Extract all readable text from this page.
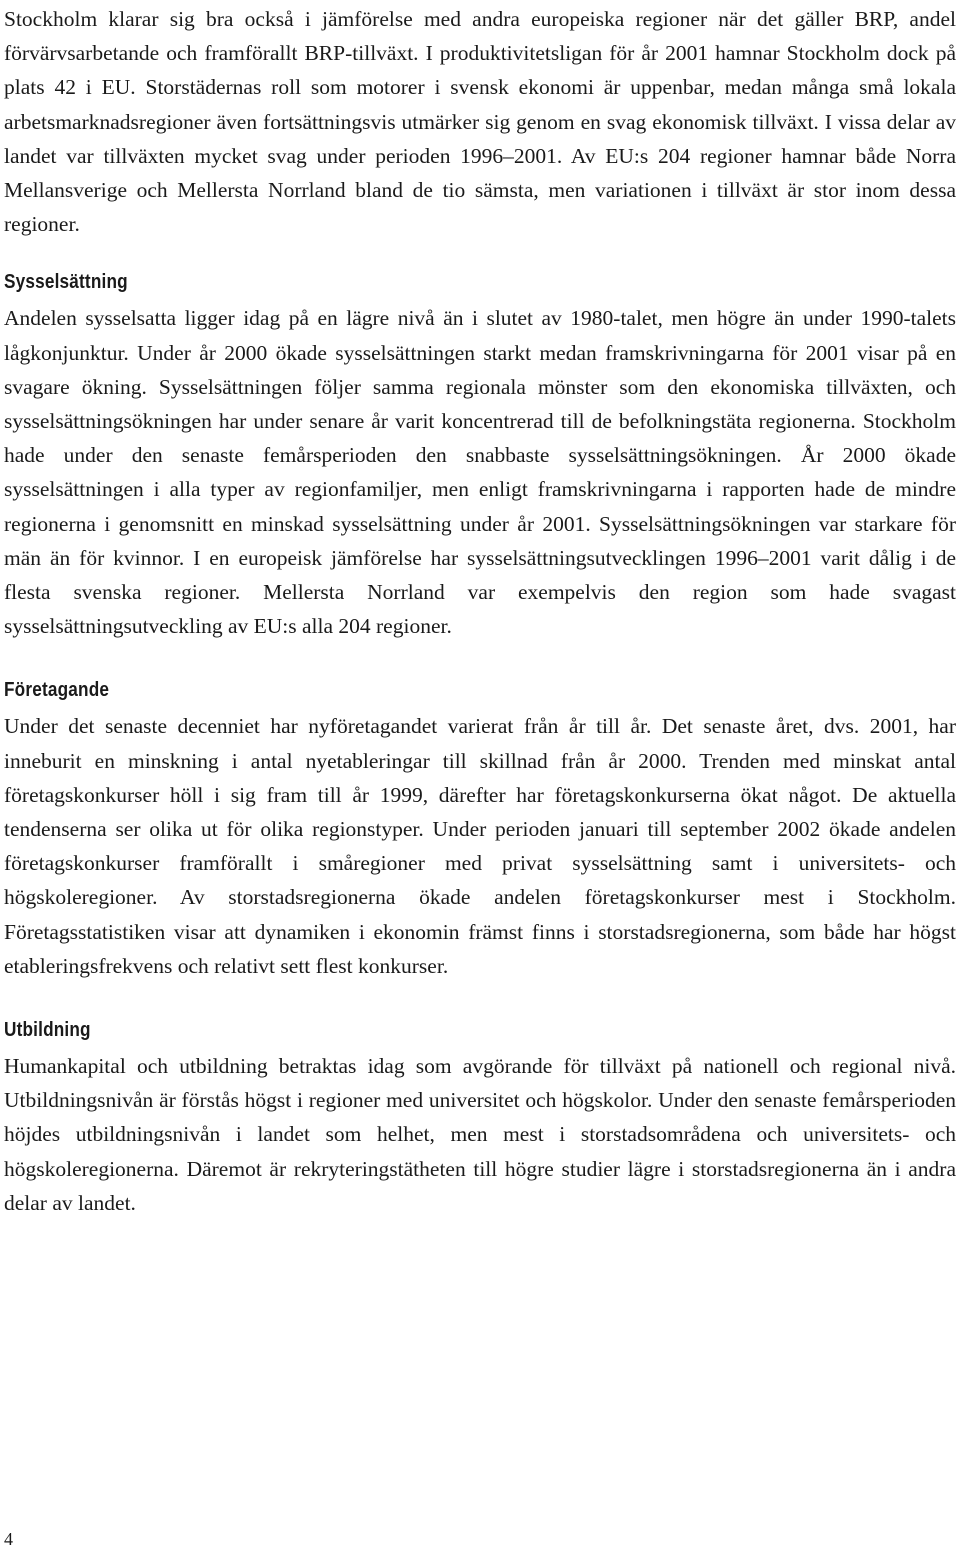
Stockholm klarar sig bra också i jämförelse med andra europeiska regioner när det gäller BRP, andel förvärvsarbetande och framförallt BRP-tillväxt. I produktivitetsligan för år 2001 hamnar Stockholm dock på plats 42 i EU. Storstädernas roll som motorer i svensk ekonomi är uppenbar, medan många små lokala arbetsmarknadsregioner även fortsättningsvis utmärker sig genom en svag ekonomisk tillväxt. I vissa delar av landet var tillväxten mycket svag under perioden 1996–2001. Av EU:s 204 regioner hamnar både Norra Mellansverige och Mellersta Norrland bland de tio sämsta, men variationen i tillväxt är stor inom dessa regioner.

Sysselsättning

Andelen sysselsatta ligger idag på en lägre nivå än i slutet av 1980-talet, men högre än under 1990-talets lågkonjunktur. Under år 2000 ökade sysselsättningen starkt medan framskrivningarna för 2001 visar på en svagare ökning. Sysselsättningen följer samma regionala mönster som den ekonomiska tillväxten, och sysselsättningsökningen har under senare år varit koncentrerad till de befolkningstäta regionerna. Stockholm hade under den senaste femårsperioden den snabbaste sysselsättningsökningen. År 2000 ökade sysselsättningen i alla typer av regionfamiljer, men enligt framskrivningarna i rapporten hade de mindre regionerna i genomsnitt en minskad sysselsättning under år 2001. Sysselsättningsökningen var starkare för män än för kvinnor. I en europeisk jämförelse har sysselsättningsutvecklingen 1996–2001 varit dålig i de flesta svenska regioner. Mellersta Norrland var exempelvis den region som hade svagast sysselsättningsutveckling av EU:s alla 204 regioner.

Företagande

Under det senaste decenniet har nyföretagandet varierat från år till år. Det senaste året, dvs. 2001, har inneburit en minskning i antal nyetableringar till skillnad från år 2000. Trenden med minskat antal företagskonkurser höll i sig fram till år 1999, därefter har företagskonkurserna ökat något. De aktuella tendenserna ser olika ut för olika regionstyper. Under perioden januari till september 2002 ökade andelen företagskonkurser framförallt i småregioner med privat sysselsättning samt i universitets- och högskoleregioner. Av storstadsregionerna ökade andelen företagskonkurser mest i Stockholm. Företagsstatistiken visar att dynamiken i ekonomin främst finns i storstadsregionerna, som både har högst etableringsfrekvens och relativt sett flest konkurser.

Utbildning

Humankapital och utbildning betraktas idag som avgörande för tillväxt på nationell och regional nivå. Utbildningsnivån är förstås högst i regioner med universitet och högskolor. Under den senaste femårsperioden höjdes utbildningsnivån i landet som helhet, men mest i storstadsområdena och universitets- och högskoleregionerna. Däremot är rekryteringstätheten till högre studier lägre i storstadsregionerna än i andra delar av landet.

4
